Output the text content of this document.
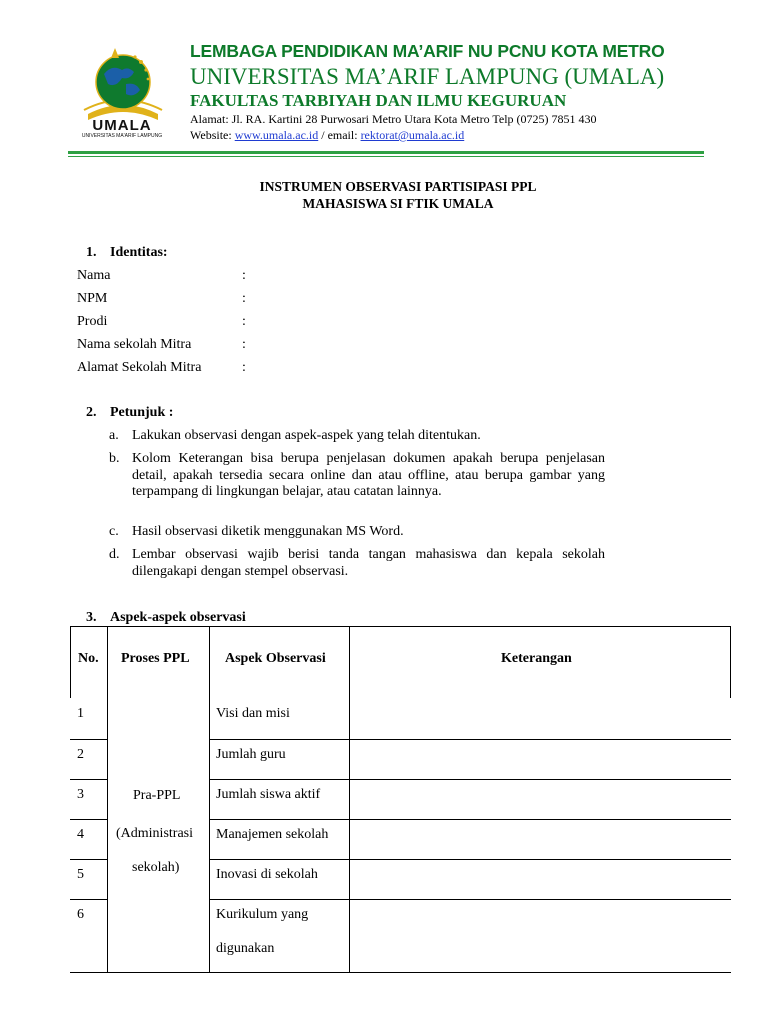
UMALA
UNIVERSITAS MA'ARIF LAMPUNG
LEMBAGA PENDIDIKAN MA’ARIF NU PCNU KOTA METRO
UNIVERSITAS MA’ARIF LAMPUNG (UMALA)
FAKULTAS TARBIYAH DAN ILMU KEGURUAN
Alamat: Jl. RA. Kartini 28 Purwosari Metro Utara Kota Metro Telp (0725) 7851 430
Website: www.umala.ac.id / email: rektorat@umala.ac.id
INSTRUMEN OBSERVASI PARTISIPASI PPL
MAHASISWA SI FTIK UMALA
1. Identitas:
Nama	:
NPM	:
Prodi	:
Nama sekolah Mitra	:
Alamat Sekolah Mitra	:
2. Petunjuk :
a. Lakukan observasi dengan aspek-aspek yang telah ditentukan.
b. Kolom Keterangan bisa berupa penjelasan dokumen apakah berupa penjelasan detail, apakah tersedia secara online dan atau offline, atau berupa gambar yang terpampang di lingkungan belajar, atau catatan lainnya.
c. Hasil observasi diketik menggunakan MS Word.
d. Lembar observasi wajib berisi tanda tangan mahasiswa dan kepala sekolah dilengakapi dengan stempel observasi.
3. Aspek-aspek observasi
No. Proses PPL	Aspek Observasi	Keterangan
Pra-PPL
(Administrasi
sekolah)
1	Visi dan misi
2	Jumlah guru
3	Jumlah siswa aktif
4	Manajemen sekolah
5	Inovasi di sekolah
6	Kurikulum yang
digunakan
